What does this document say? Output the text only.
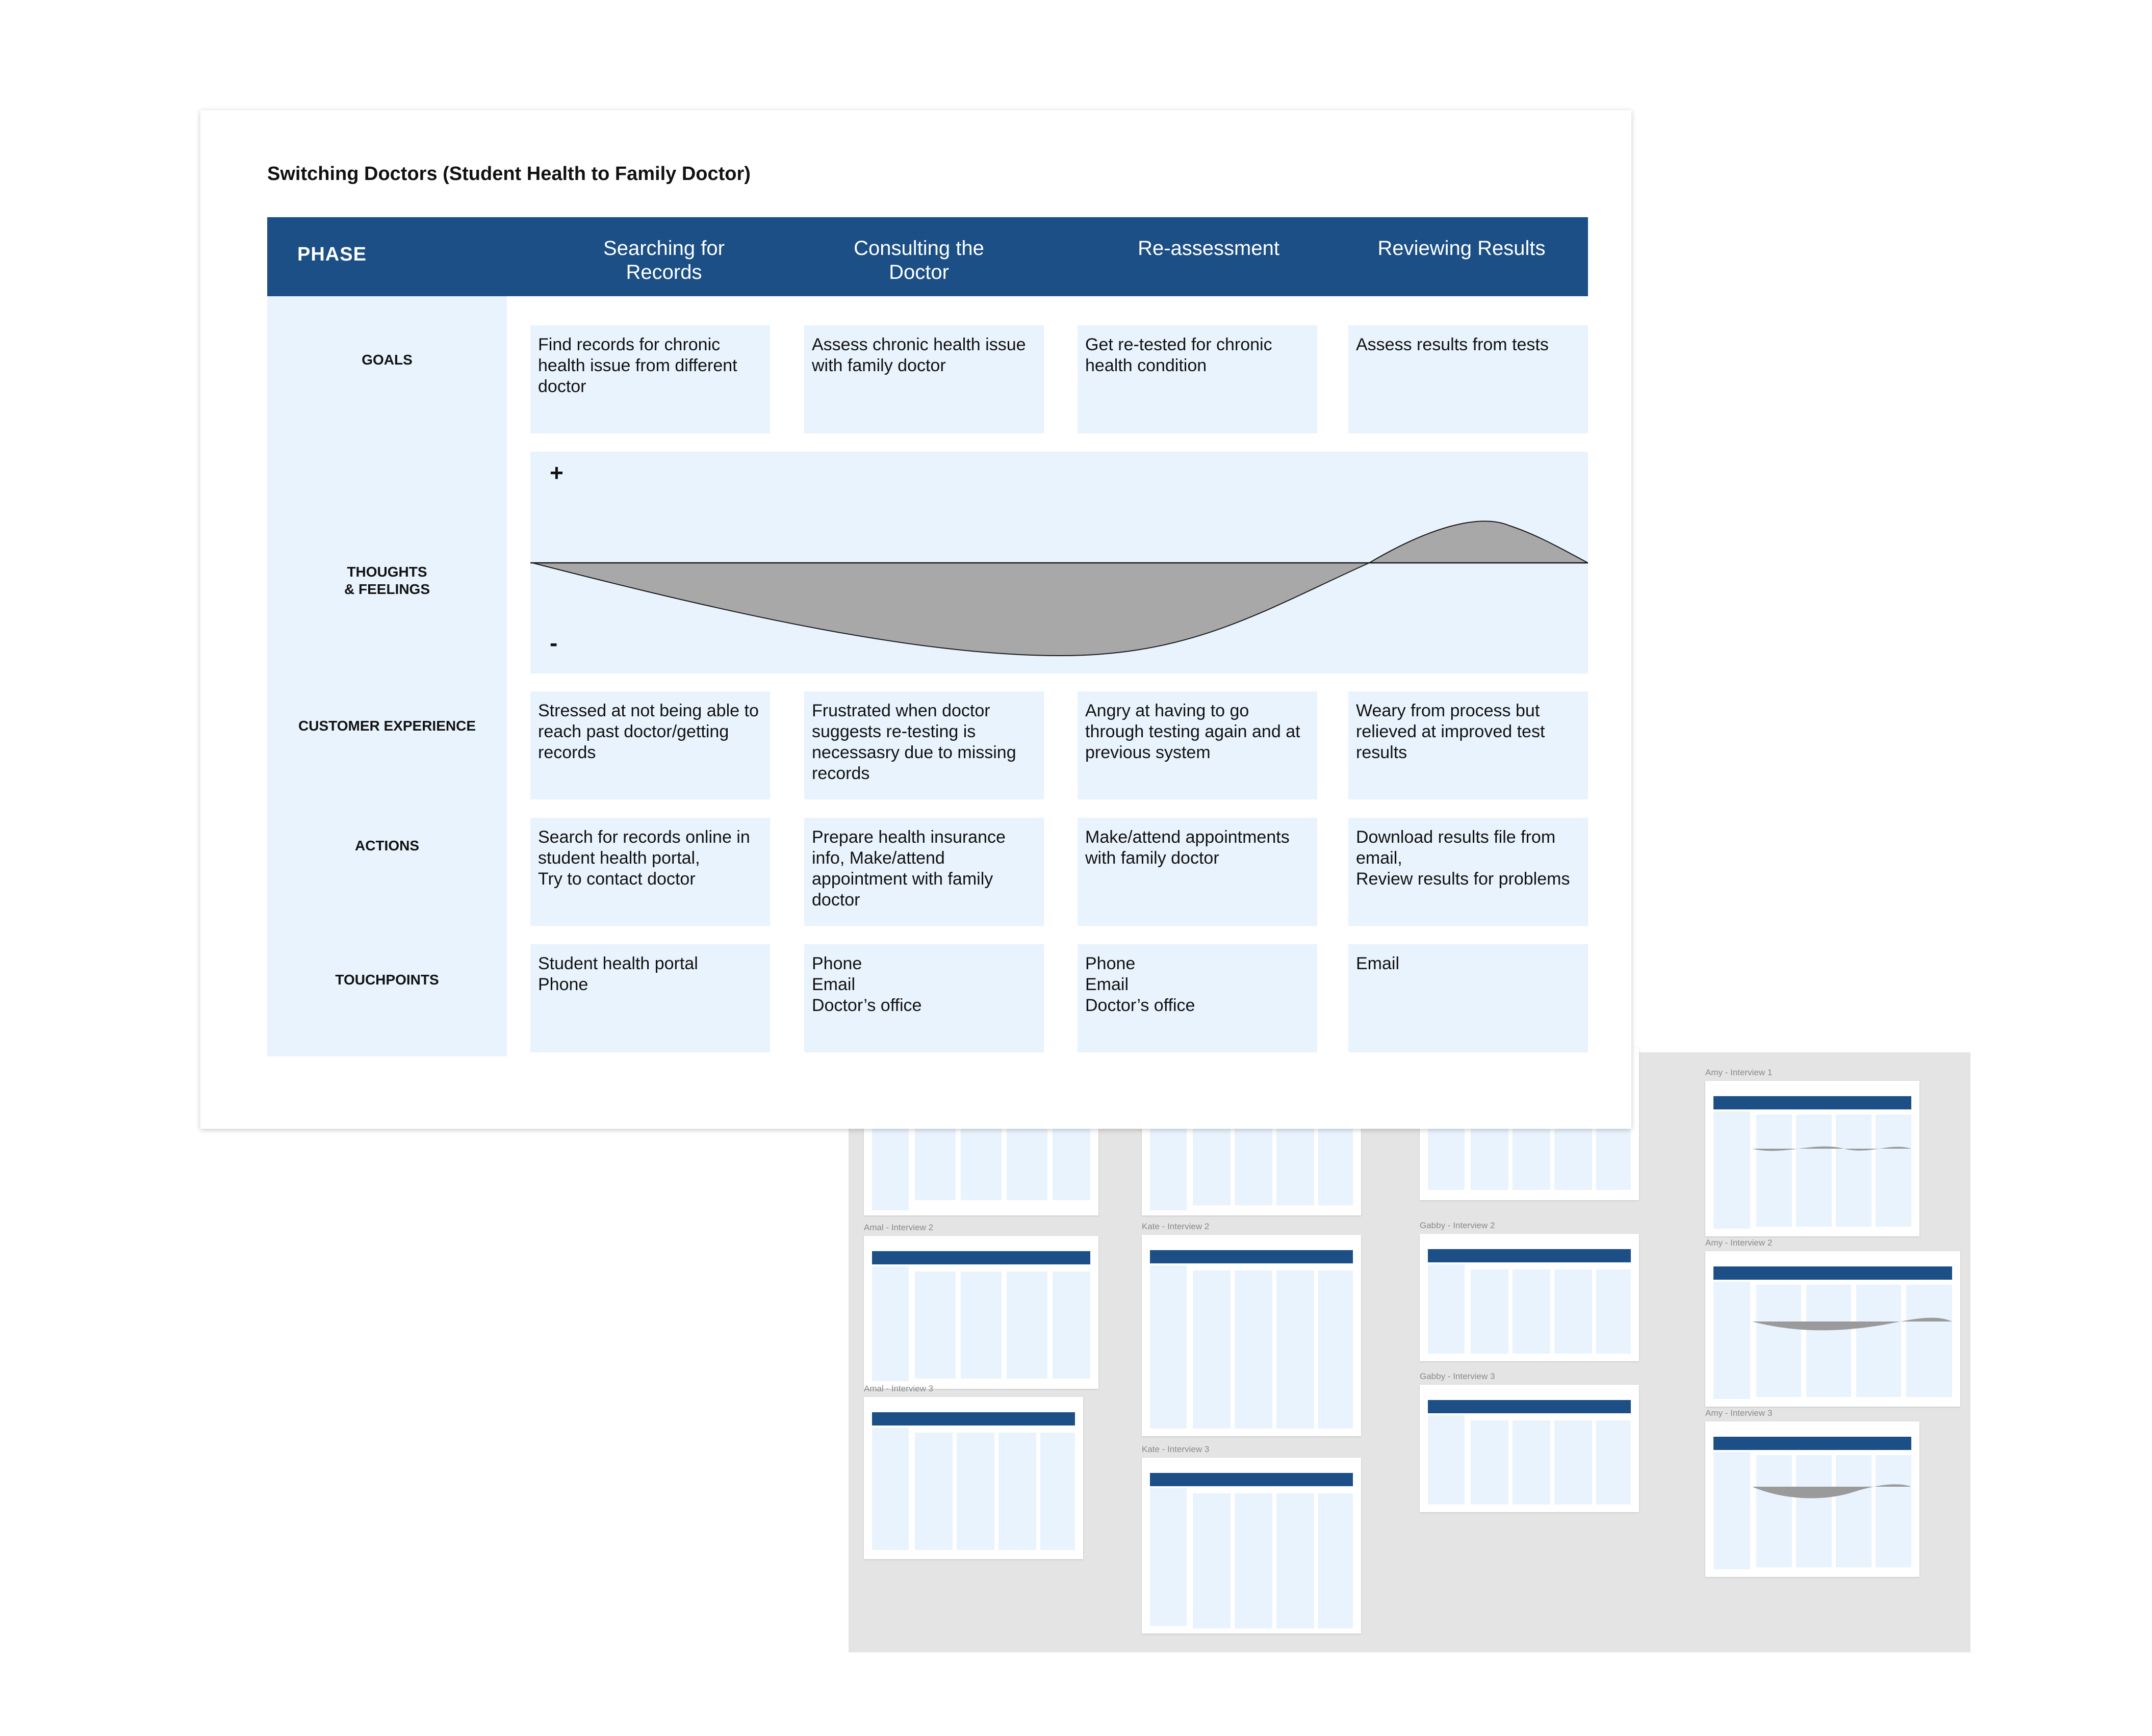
Amal - Interview 2
Amal - Interview 3
Kate - Interview 2
Kate - Interview 3
Gabby - Interview 2
Gabby - Interview 3
Amy - Interview 1
Amy - Interview 2
Amy - Interview 3
Switching Doctors (Student Health to Family Doctor)
PHASE	Searching for
Records
Consulting the
Doctor
Re-assessment	Reviewing Results
GOALS
THOUGHTS
& FEELINGS
CUSTOMER EXPERIENCE
ACTIONS
TOUCHPOINTS
Find records for chronic health issue from different doctor
Assess chronic health issue with family doctor
Get re-tested for chronic health condition
Assess results from tests
+
-
Stressed at not being able to reach past doctor/getting records
Frustrated when doctor suggests re-testing is necessasry due to missing records
Angry at having to go through testing again and at previous system
Weary from process but relieved at improved test results
Search for records online in student health portal,
Try to contact doctor
Prepare health insurance info, Make/attend appointment with family doctor
Make/attend appointments with family doctor
Download results file from email,
Review results for problems
Student health portal
Phone
Phone
Email
Doctor’s office
Phone
Email
Doctor’s office
Email
